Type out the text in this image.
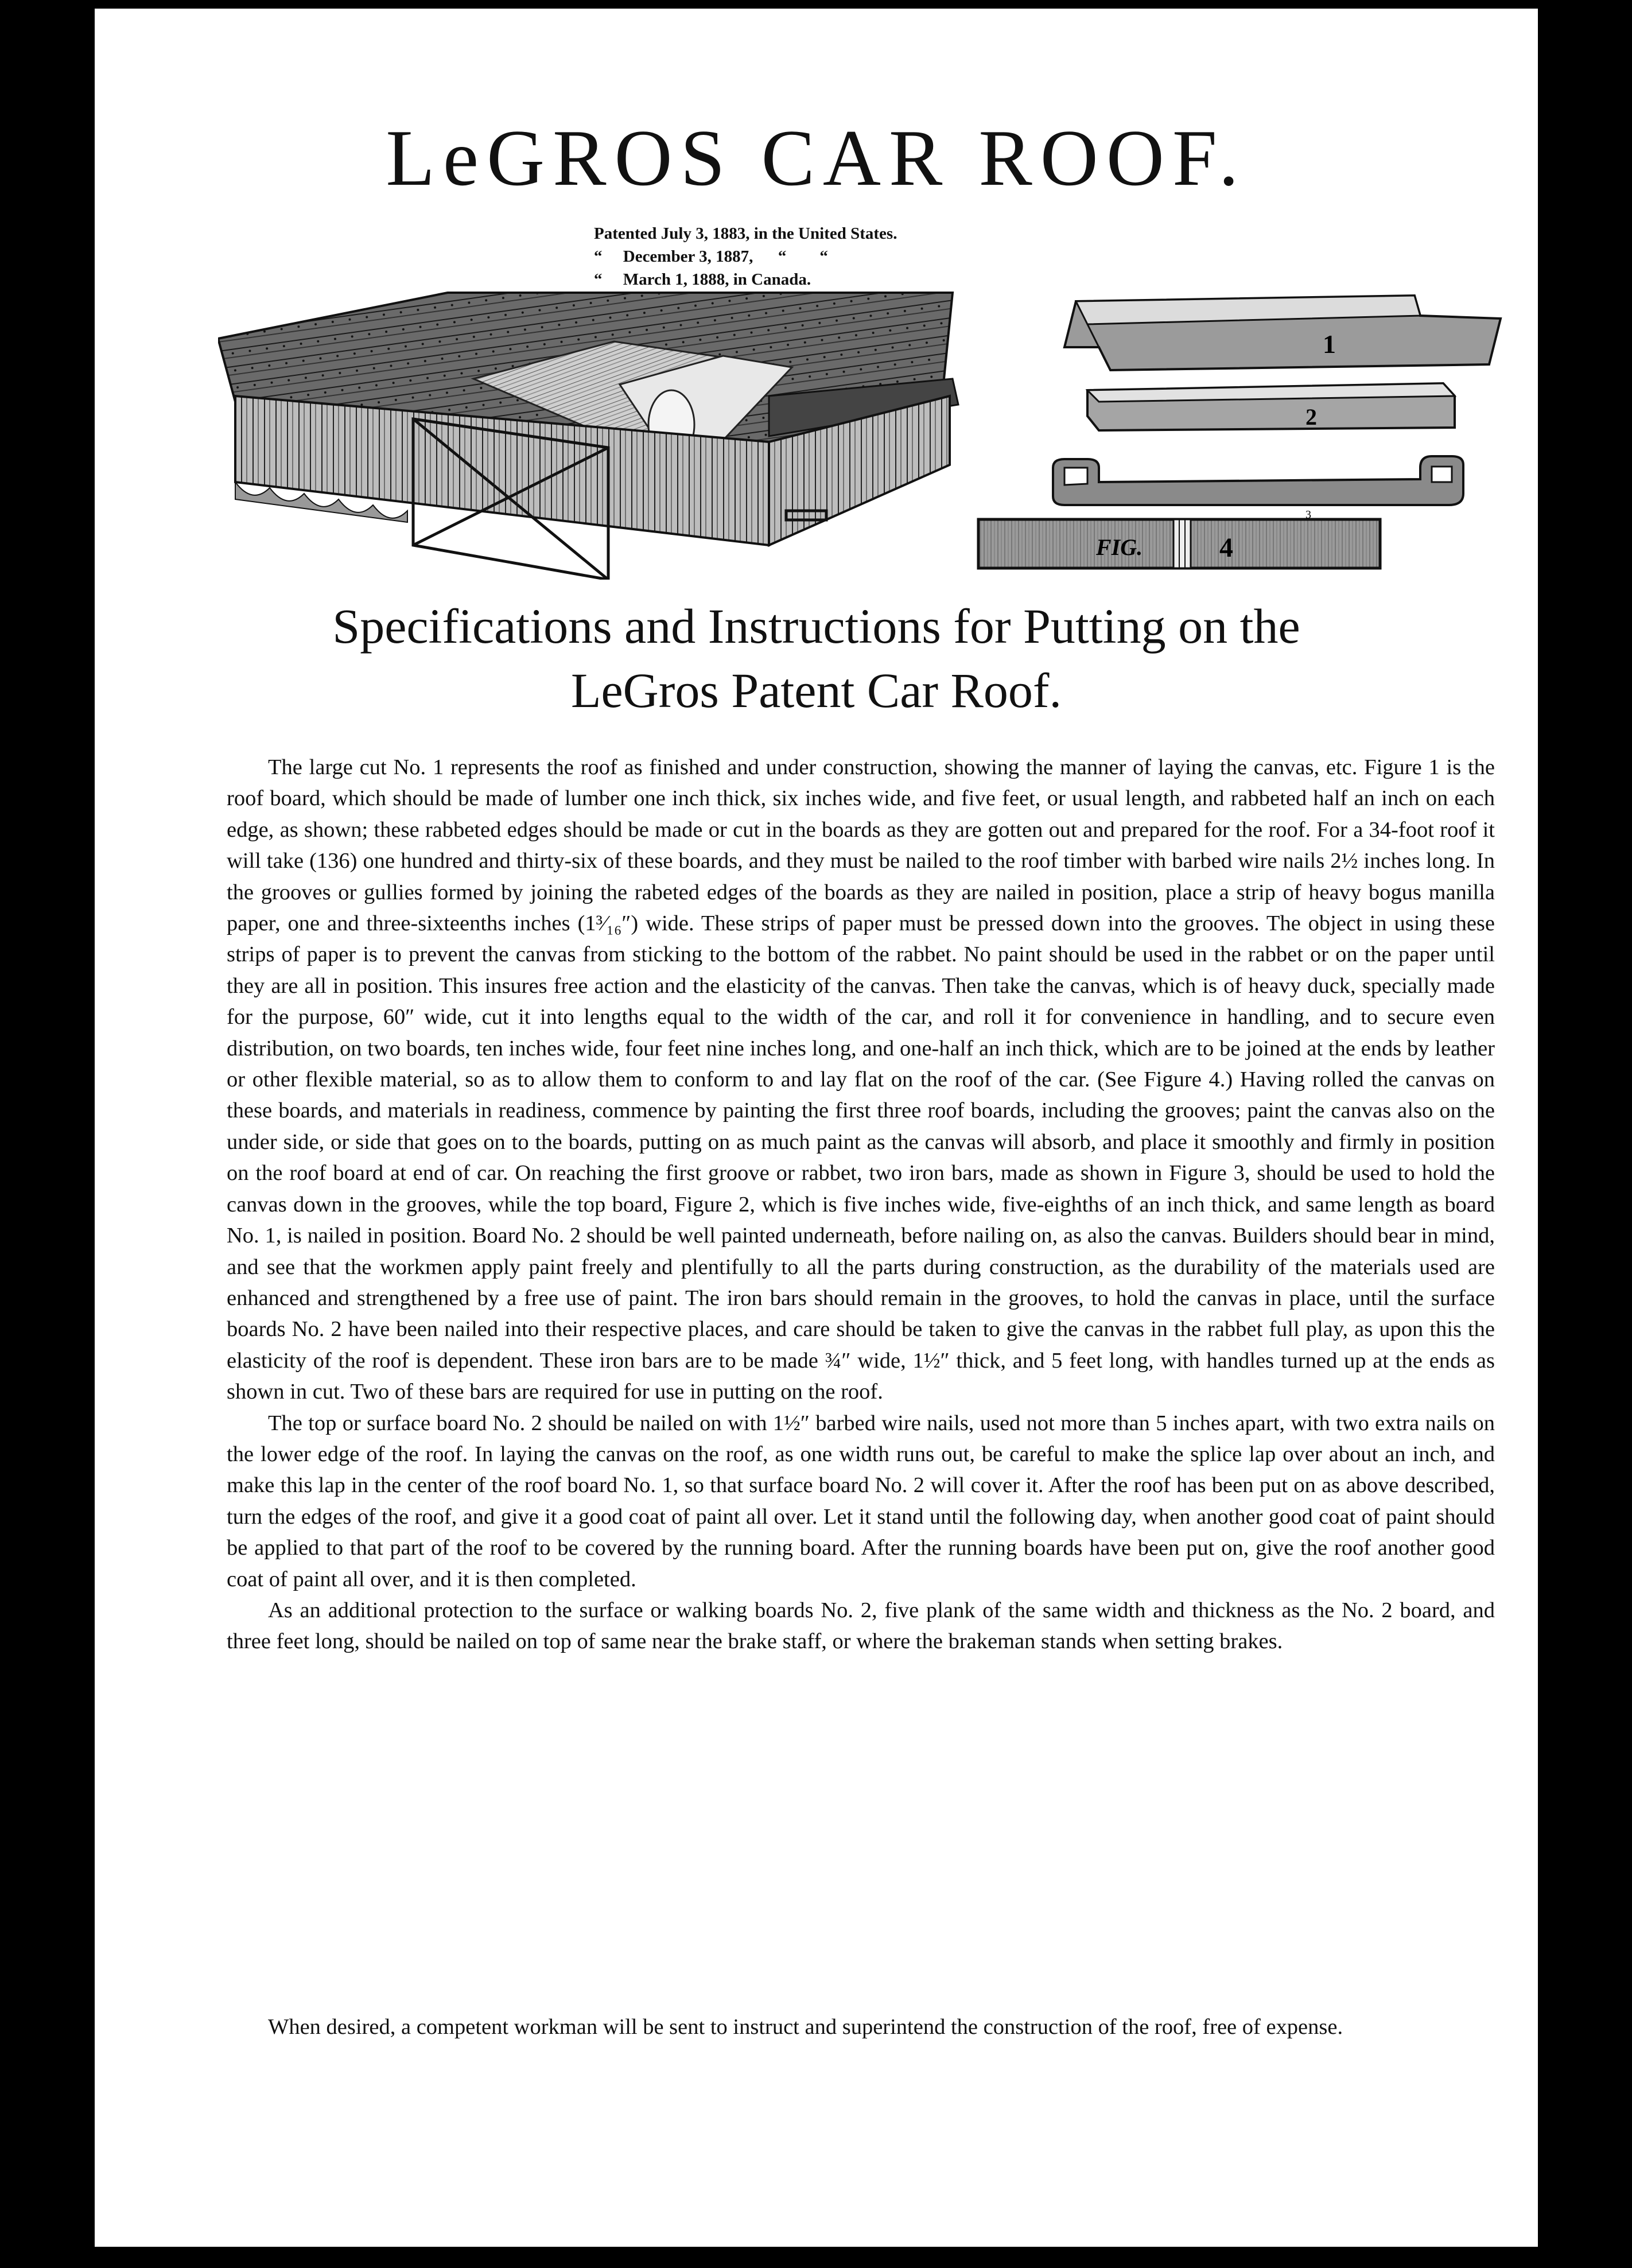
LeGROS CAR ROOF.
Patented July 3, 1883, in the United States.
“     December 3, 1887,      “        “
“     March 1, 1888, in Canada.
1
2
3
FIG.	4
Specifications and Instructions for Putting on the
LeGros Patent Car Roof.

The large cut No. 1 represents the roof as finished and under construction, showing the manner of laying the canvas, etc. Figure 1 is the roof board, which should be made of lumber one inch thick, six inches wide, and five feet, or usual length, and rabbeted half an inch on each edge, as shown; these rabbeted edges should be made or cut in the boards as they are gotten out and prepared for the roof. For a 34-foot roof it will take (136) one hundred and thirty-six of these boards, and they must be nailed to the roof timber with barbed wire nails 2½ inches long. In the grooves or gullies formed by joining the rabeted edges of the boards as they are nailed in position, place a strip of heavy bogus manilla paper, one and three-sixteenths inches (1³⁄₁₆″) wide. These strips of paper must be pressed down into the grooves. The object in using these strips of paper is to prevent the canvas from sticking to the bottom of the rabbet. No paint should be used in the rabbet or on the paper until they are all in position. This insures free action and the elasticity of the canvas. Then take the canvas, which is of heavy duck, specially made for the purpose, 60″ wide, cut it into lengths equal to the width of the car, and roll it for convenience in handling, and to secure even distribution, on two boards, ten inches wide, four feet nine inches long, and one-half an inch thick, which are to be joined at the ends by leather or other flexible material, so as to allow them to conform to and lay flat on the roof of the car. (See Figure 4.) Having rolled the canvas on these boards, and materials in readiness, commence by painting the first three roof boards, including the grooves; paint the canvas also on the under side, or side that goes on to the boards, putting on as much paint as the canvas will absorb, and place it smoothly and firmly in position on the roof board at end of car. On reaching the first groove or rabbet, two iron bars, made as shown in Figure 3, should be used to hold the canvas down in the grooves, while the top board, Figure 2, which is five inches wide, five-eighths of an inch thick, and same length as board No. 1, is nailed in position. Board No. 2 should be well painted underneath, before nailing on, as also the canvas. Builders should bear in mind, and see that the workmen apply paint freely and plentifully to all the parts during construction, as the durability of the materials used are enhanced and strengthened by a free use of paint. The iron bars should remain in the grooves, to hold the canvas in place, until the surface boards No. 2 have been nailed into their respective places, and care should be taken to give the canvas in the rabbet full play, as upon this the elasticity of the roof is dependent. These iron bars are to be made ¾″ wide, 1½″ thick, and 5 feet long, with handles turned up at the ends as shown in cut. Two of these bars are required for use in putting on the roof.

The top or surface board No. 2 should be nailed on with 1½″ barbed wire nails, used not more than 5 inches apart, with two extra nails on the lower edge of the roof. In laying the canvas on the roof, as one width runs out, be careful to make the splice lap over about an inch, and make this lap in the center of the roof board No. 1, so that surface board No. 2 will cover it. After the roof has been put on as above described, turn the edges of the roof, and give it a good coat of paint all over. Let it stand until the following day, when another good coat of paint should be applied to that part of the roof to be covered by the running board. After the running boards have been put on, give the roof another good coat of paint all over, and it is then completed.

As an additional protection to the surface or walking boards No. 2, five plank of the same width and thickness as the No. 2 board, and three feet long, should be nailed on top of same near the brake staff, or where the brakeman stands when setting brakes.

When desired, a competent workman will be sent to instruct and superintend the construction of the roof, free of expense.
